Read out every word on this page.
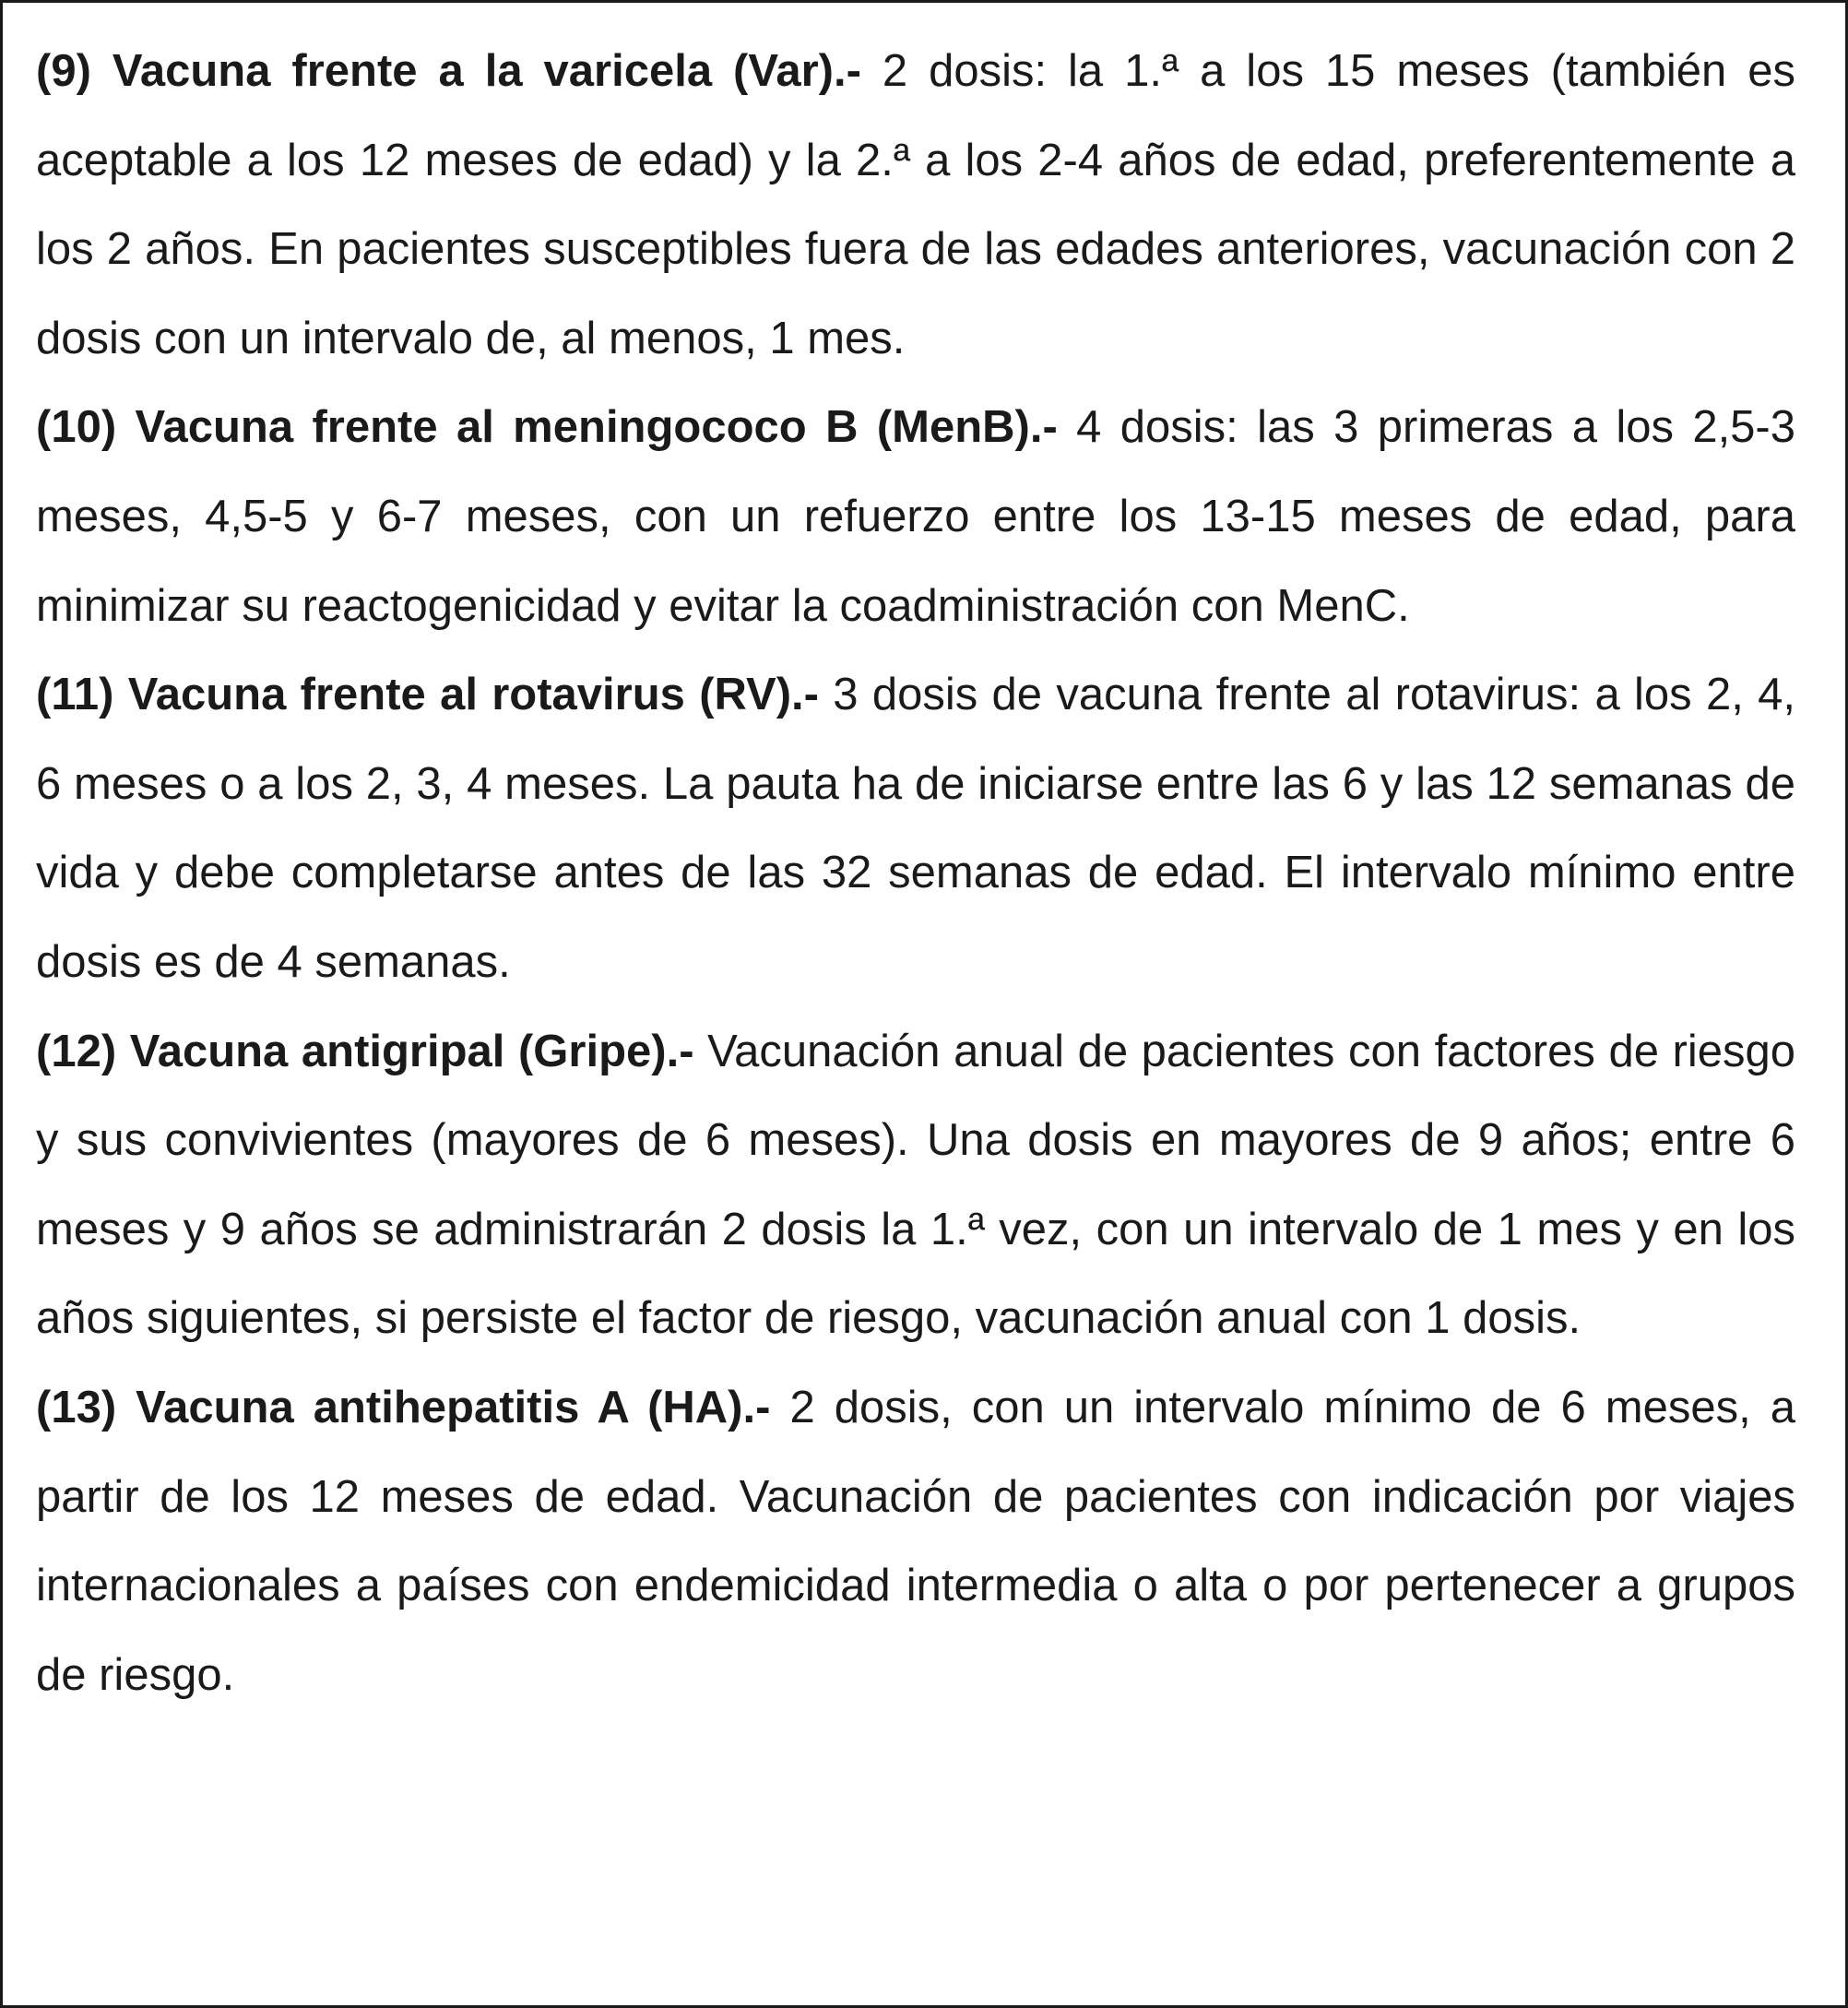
(9) Vacuna frente a la varicela (Var).- 2 dosis: la 1.ª a los 15 meses (también es aceptable a los 12 meses de edad) y la 2.ª a los 2-4 años de edad, preferentemente a los 2 años. En pacientes susceptibles fuera de las edades anteriores, vacunación con 2 dosis con un intervalo de, al menos, 1 mes.

(10) Vacuna frente al meningococo B (MenB).- 4 dosis: las 3 primeras a los 2,5-3 meses, 4,5-5 y 6-7 meses, con un refuerzo entre los 13-15 meses de edad, para minimizar su reactogenicidad y evitar la coadministración con MenC.

(11) Vacuna frente al rotavirus (RV).- 3 dosis de vacuna frente al rotavirus: a los 2, 4, 6 meses o a los 2, 3, 4 meses. La pauta ha de iniciarse entre las 6 y las 12 semanas de vida y debe completarse antes de las 32 semanas de edad. El intervalo mínimo entre dosis es de 4 semanas.

(12) Vacuna antigripal (Gripe).- Vacunación anual de pacientes con factores de riesgo y sus convivientes (mayores de 6 meses). Una dosis en mayores de 9 años; entre 6 meses y 9 años se administrarán 2 dosis la 1.ª vez, con un intervalo de 1 mes y en los años siguientes, si persiste el factor de riesgo, vacunación anual con 1 dosis.

(13) Vacuna antihepatitis A (HA).- 2 dosis, con un intervalo mínimo de 6 meses, a partir de los 12 meses de edad. Vacunación de pacientes con indicación por viajes internacionales a países con endemicidad intermedia o alta o por pertenecer a grupos de riesgo.
